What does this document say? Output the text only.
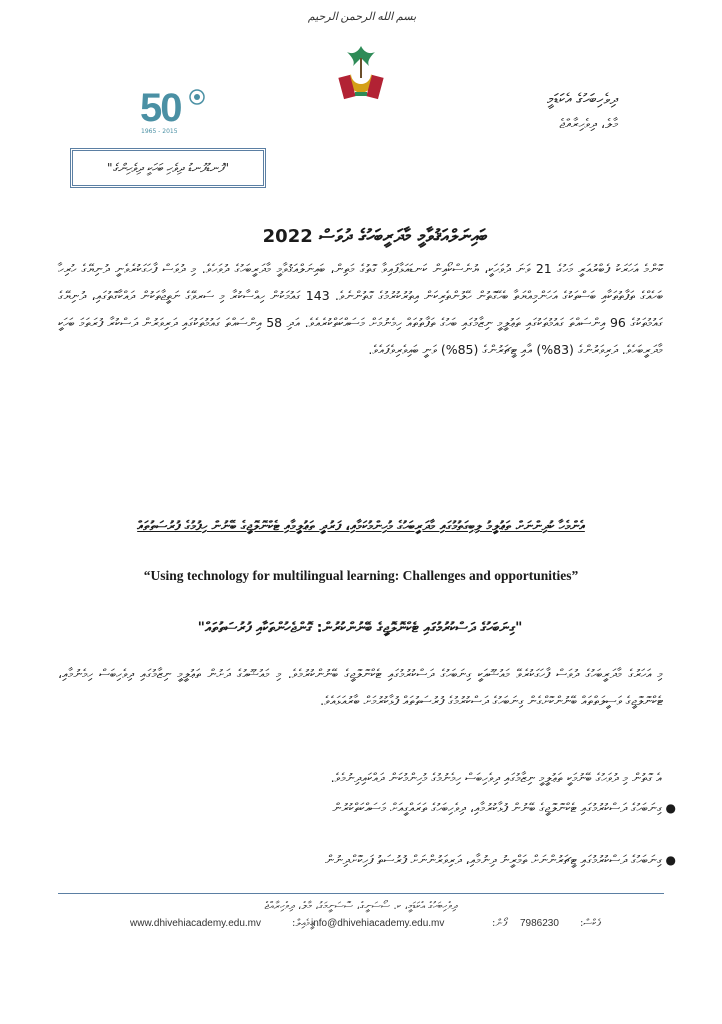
بسم الله الرحمن الرحيم
50
1965 - 2015
ދިވެހިބަހުގެ އެކަޑަމީ
މާލެ، ދިވެހިރާއްޖެ
"ފުނޑުފުނޑު ދިވެހި ބަހަކީ ދިވެހިންގެ"
ބައިނަލްއަޤުވާމީ މާދަރީބަހުގެ ދުވަސް 2022
ކޮންމެ އަހަރަކު ފެބްރުއަރީ މަހުގެ 21 ވަނަ ދުވަހަކީ، ޔުނެސްކޯއިން ކަނޑައަޅާފައިވާ ގޮތުގެ މަތިން، ބައިނަލްއަޤުވާމީ މާދަރީބަހުގެ ދުވަހެވެ. މި ދުވަސް ފާހަގަކުރެވެނީ ދުނިޔޭގެ ހުރިހާ ބަހެއްގެ ތަފާތުތަކާއި ބަސްތަކުގެ އަހަންމިއްޔަތާ ބެހޭގޮތުން ހޭލުންތެރިކަން އިތުރުކުރުމުގެ ގޮތުންނެވެ. 143 ގައުމަކުން ހިއްސާކުރާ މި ސަރވޭގެ ނަތީޖާތަކުން ދައްކާގޮތުގައި، ދުނިޔޭގެ ގައުމުތަކުގެ 96 އިންސައްތަ ގައުމުތަކުގައި ތަޢުލީމީ ނިޒާމުގައި ބަހުގެ ތަފާތުތައް ހިމެނުމަށް މަސައްކަތްކުރެއެވެ. އަދި 58 އިންސައްތަ ގައުމުތަކުގައި ދަރިވަރުން ދަސްކުރާ ފުރަތަމަ ބަހަކީ މާދަރީބަހެވެ. ދަރިވަރުންގެ (83%) އާއި ޓީޗަރުންގެ (85%) ވަނީ ބައިވެރިވެފައެވެ.
އެންމެހާ ކުދިންނަށް ތަޢުލީމު ލިބިގަތުމުގައި މާދަރީބަހުގެ މުހިންމުކަމާއި، ފަރުދީ ތަޢުލީމާއި ޓެކްނޮލޮޖީގެ ބޭނުން ހިފުމުގެ ފުރުސަތުތައް
“Using technology for multilingual learning: Challenges and opportunities”
"ގިނަބަހުގެ ދަސްކުރުމުގައި ޓެކްނޮލޮޖީގެ ބޭނުންކުރުން: ގޮންޖެހުންތަކާއި ފުރުސަތުތައް"
މި އަހަރުގެ މާދަރީބަހުގެ ދުވަސް ފާހަގަކުރެވޭ މައުޟޫއަކީ ގިނަބަހުގެ ދަސްކުރުމުގައި ޓެކްނޮލޮޖީގެ ބޭނުންކުރުމެވެ. މި މައުޟޫއުގެ ދަށުން ތަޢުލީމީ ނިޒާމުގައި ދިވެހިބަސް ހިމެނުމާއި، ޓެކްނޮލޮޖީގެ ވަސީލަތްތައް ބޭނުންކޮށްގެން ގިނަބަހުގެ ދަސްކުރުމުގެ ފުރުސަތުތައް ފުޅާކުރުމަށް ބާރުއަޅައެވެ.
އެ ގޮތުން މި ދުވަހުގެ ބޭނުމަކީ ތަޢުލީމީ ނިޒާމުގައި ދިވެހިބަސް ހިމެނުމުގެ މުހިންމުކަން ދައްކައިދިނުމެވެ.
●
ގިނަބަހުގެ ދަސްކުރުމުގައި ޓެކްނޮލޮޖީގެ ބޭނުން ފުޅާކުރުމާއި، ދިވެހިބަހުގެ ތަރައްގީއަށް މަސައްކަތްކުރުން
●
ގިނަބަހުގެ ދަސްކުރުމުގައި ޓީޗަރުންނަށް ތަމްރީނު ދިނުމާއި، ދަރިވަރުންނަށް ފުރުސަތު ފަހިކޮށްދިނުން
ދިވެހިބަހުގެ އެކަޑަމީ، ކ. ސޯސަނީގެ، ސޮސަނީމަގު، މާލެ، ދިވެހިރާއްޖެ
www.dhivehiacademy.edu.mv	އީމެއިލް:
info@dhivehiacademy.edu.mv	ފޯން: 7986230 ފެކްސް:
